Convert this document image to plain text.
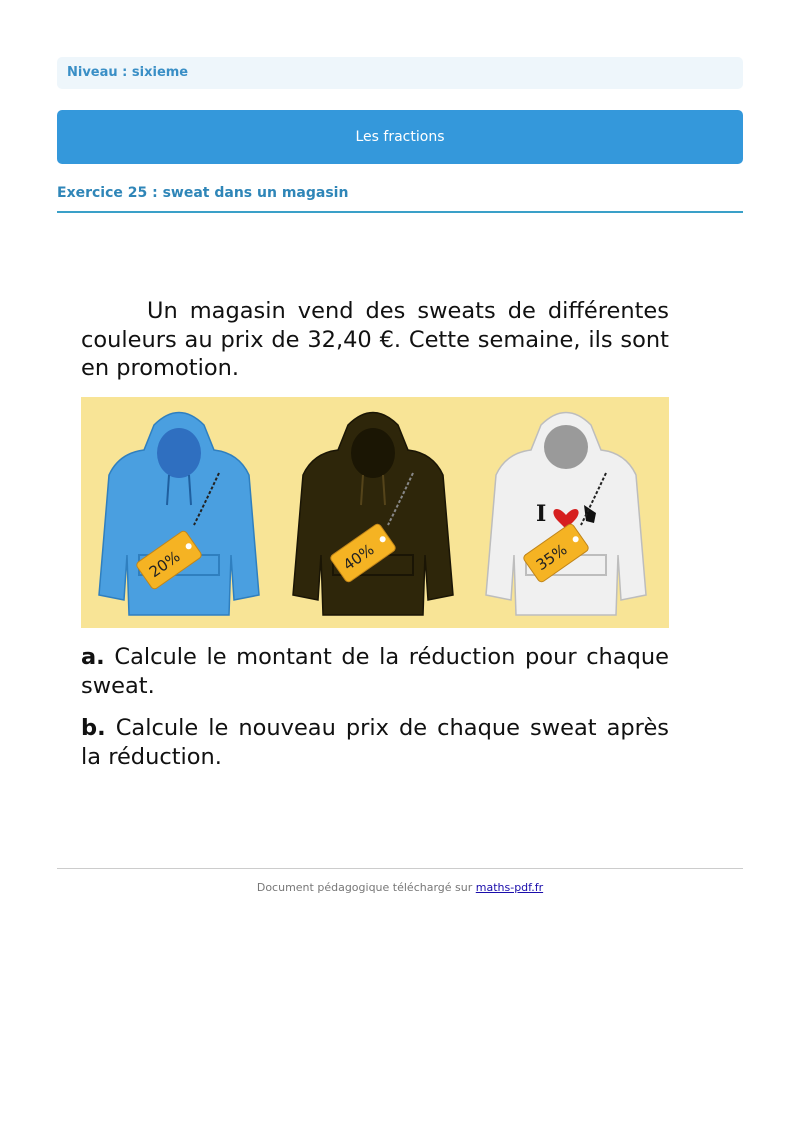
Niveau : sixieme
Les fractions
Exercice 25 : sweat dans un magasin
Un magasin vend des sweats de différentes couleurs au prix de 32,40 €. Cette semaine, ils sont en promotion.
20%	40%
I
35%
a. Calcule le montant de la réduction pour chaque sweat.
b. Calcule le nouveau prix de chaque sweat après la réduction.
Document pédagogique téléchargé sur maths-pdf.fr
